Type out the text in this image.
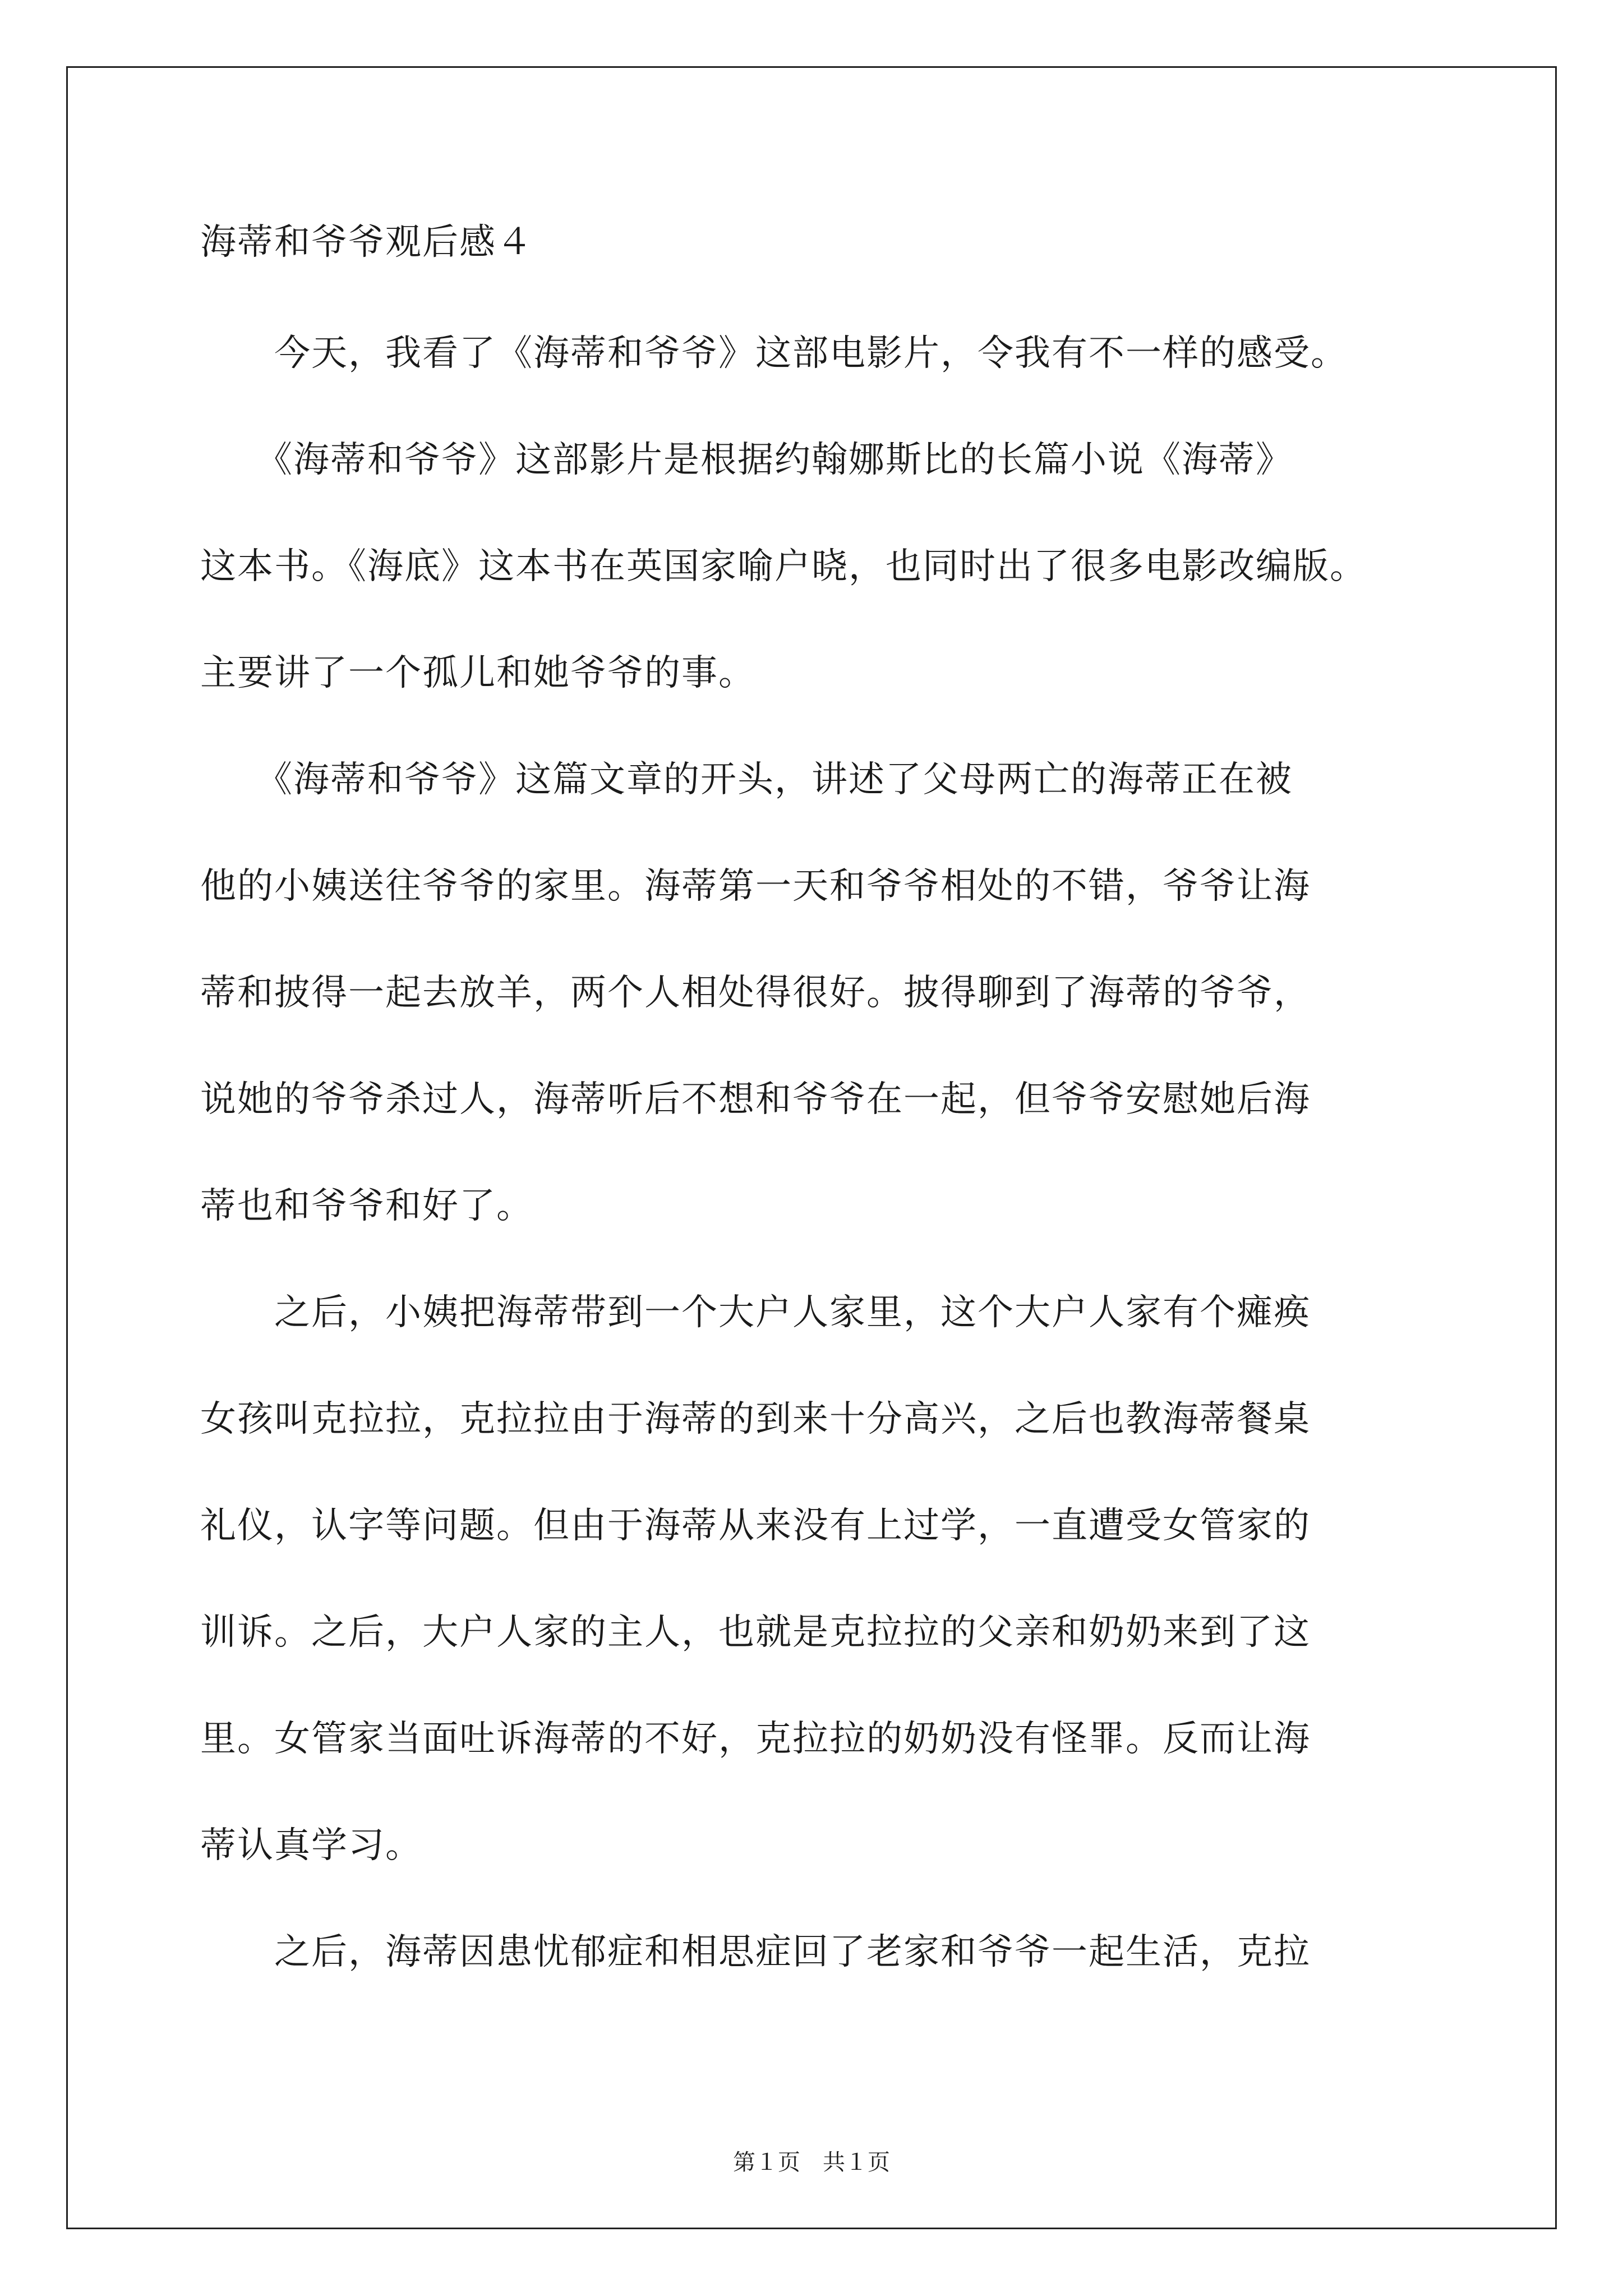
海蒂和爷爷观后感４
　　今天，我看了《海蒂和爷爷》这部电影片，令我有不一样的感受。
　　《海蒂和爷爷》这部影片是根据约翰娜斯比的长篇小说《海蒂》
这本书。《海底》这本书在英国家喻户晓，也同时出了很多电影改编版。
主要讲了一个孤儿和她爷爷的事。
　　《海蒂和爷爷》这篇文章的开头，讲述了父母两亡的海蒂正在被
他的小姨送往爷爷的家里。海蒂第一天和爷爷相处的不错，爷爷让海
蒂和披得一起去放羊，两个人相处得很好。披得聊到了海蒂的爷爷，
说她的爷爷杀过人，海蒂听后不想和爷爷在一起，但爷爷安慰她后海
蒂也和爷爷和好了。
　　之后，小姨把海蒂带到一个大户人家里，这个大户人家有个瘫痪
女孩叫克拉拉，克拉拉由于海蒂的到来十分高兴，之后也教海蒂餐桌
礼仪，认字等问题。但由于海蒂从来没有上过学，一直遭受女管家的
训诉。之后，大户人家的主人，也就是克拉拉的父亲和奶奶来到了这
里。女管家当面吐诉海蒂的不好，克拉拉的奶奶没有怪罪。反而让海
蒂认真学习。
　　之后，海蒂因患忧郁症和相思症回了老家和爷爷一起生活，克拉
第１页　共１页
